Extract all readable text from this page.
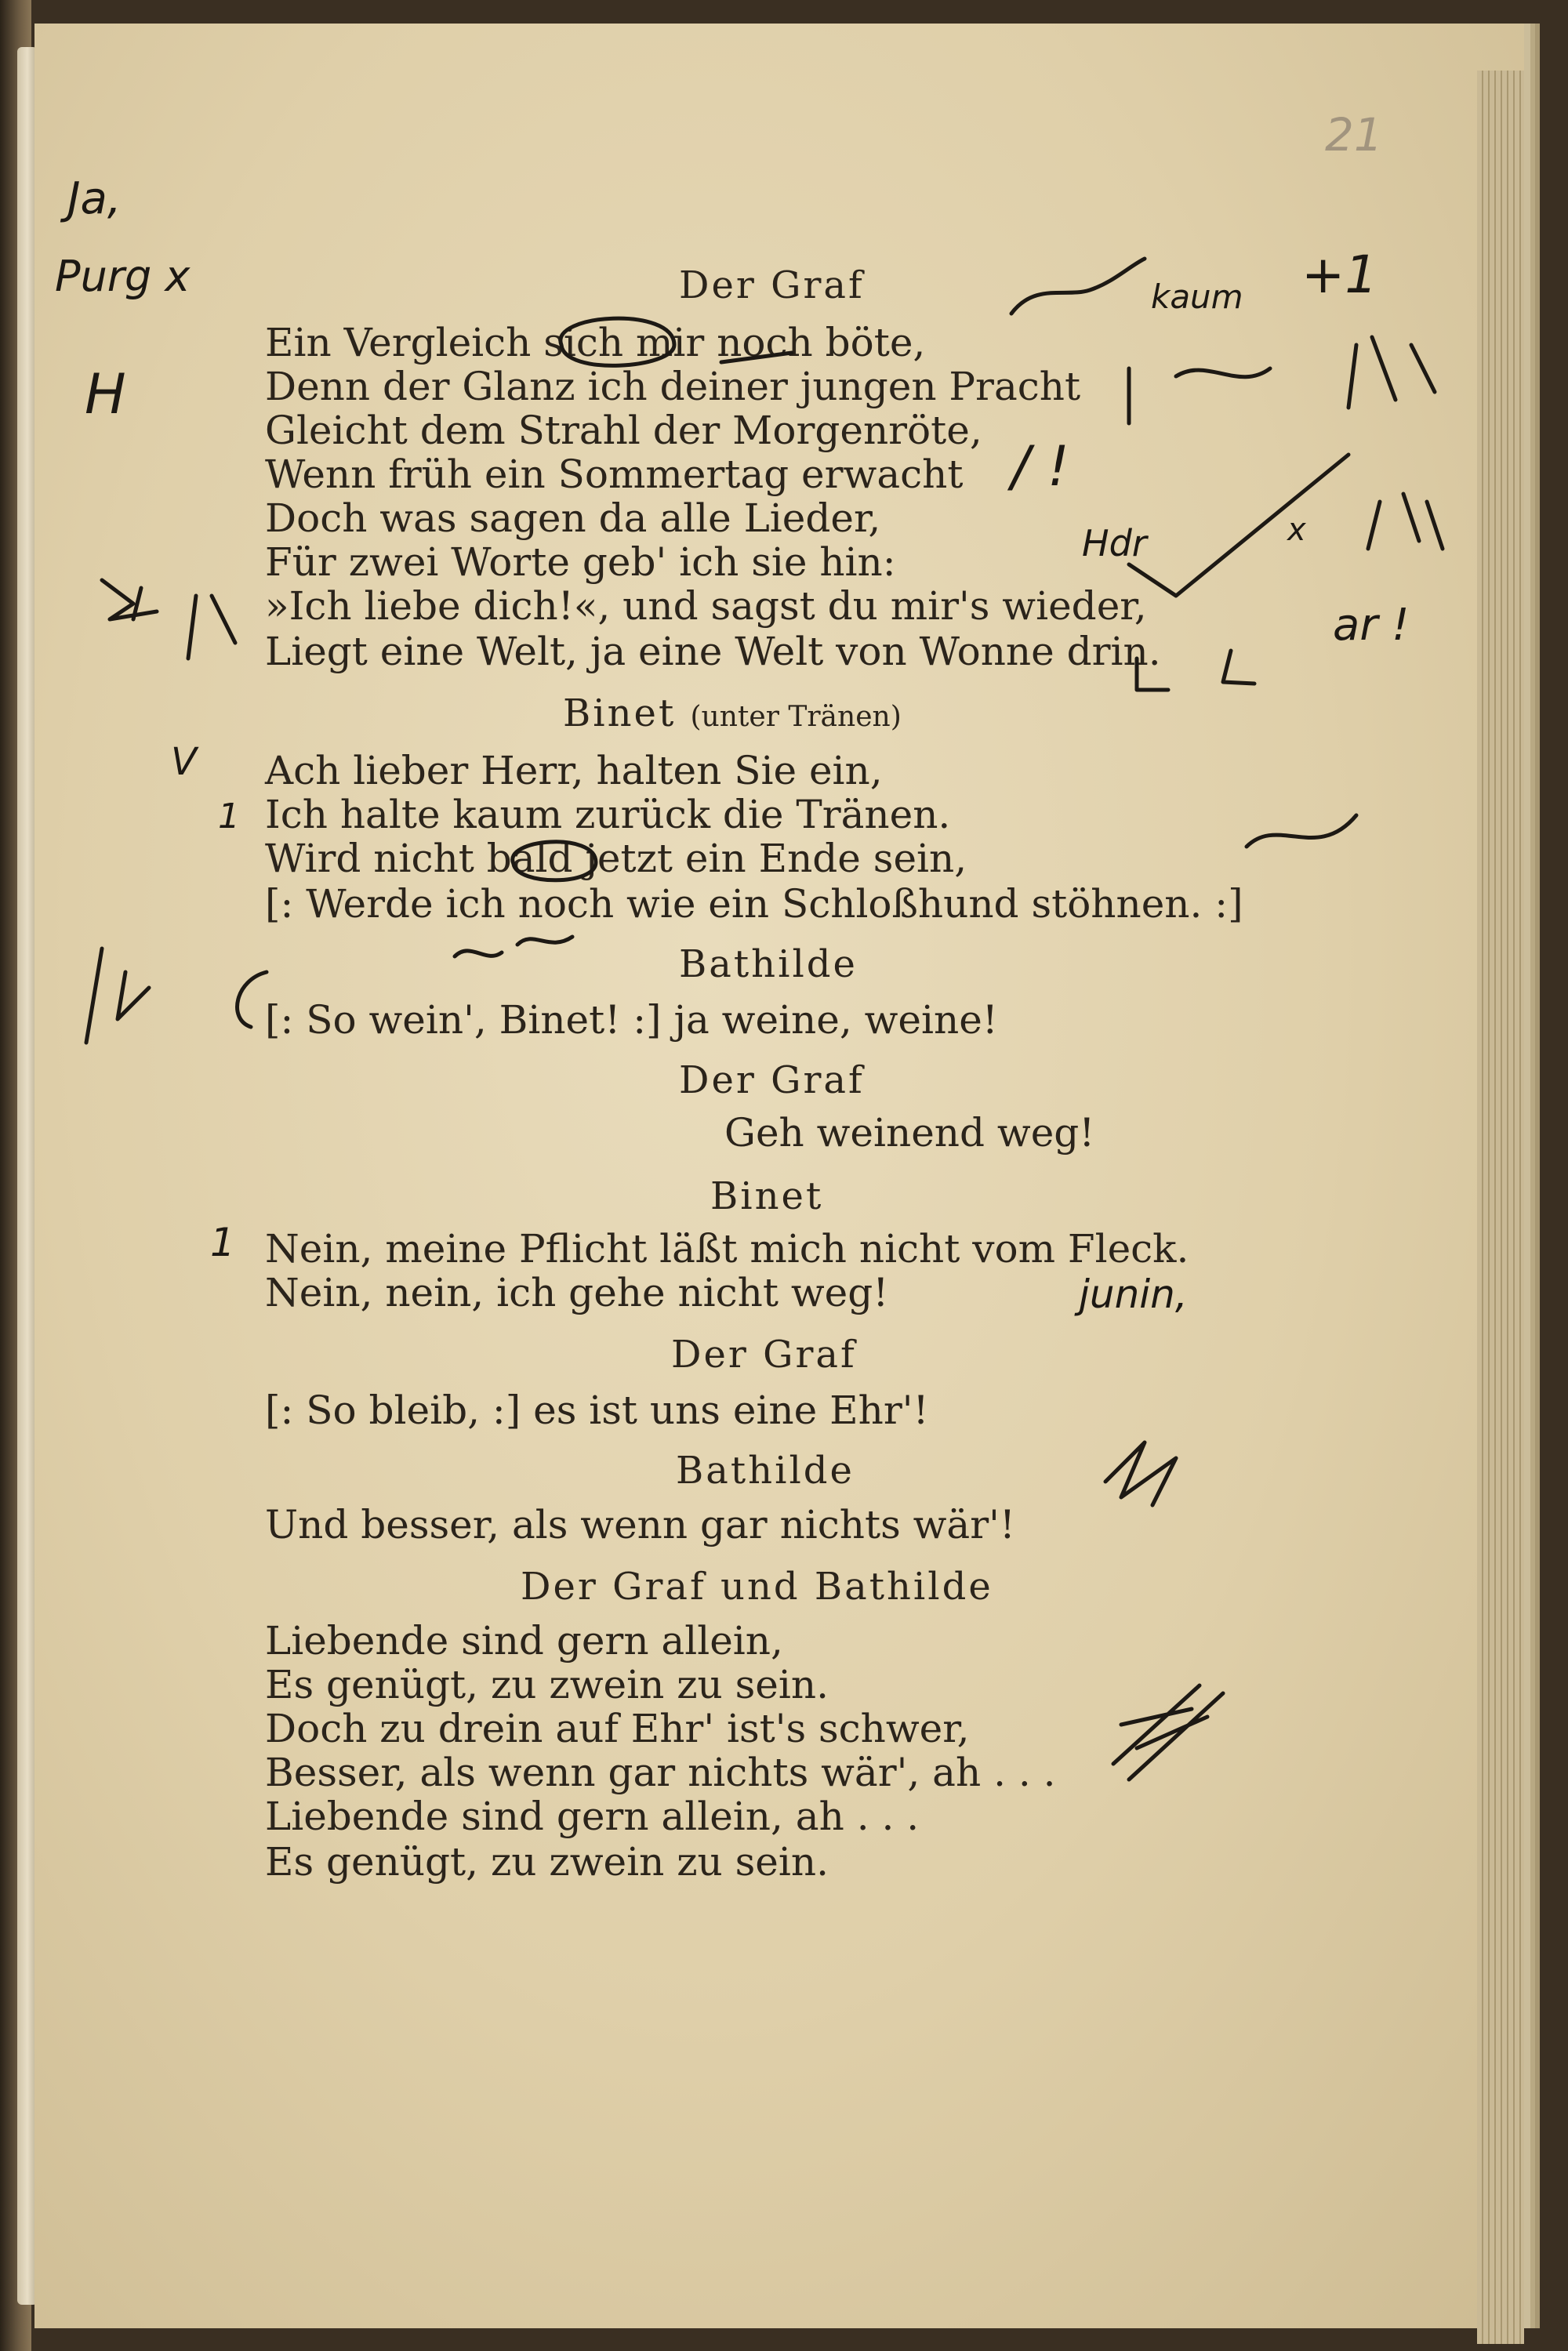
21
Der Graf
Ein Vergleich sich mir noch böte,
Denn der Glanz ich deiner jungen Pracht
Gleicht dem Strahl der Morgenröte,
Wenn früh ein Sommertag erwacht
Doch was sagen da alle Lieder,
Für zwei Worte geb' ich sie hin:
»Ich liebe dich!«, und sagst du mir's wieder,
Liegt eine Welt, ja eine Welt von Wonne drin.
Binet (unter Tränen)
Ach lieber Herr, halten Sie ein,
Ich halte kaum zurück die Tränen.
Wird nicht bald jetzt ein Ende sein,
[: Werde ich noch wie ein Schloßhund stöhnen. :]
Bathilde
[: So wein', Binet! :] ja weine, weine!
Der Graf
Geh weinend weg!
Binet
Nein, meine Pflicht läßt mich nicht vom Fleck.
Nein, nein, ich gehe nicht weg!
Der Graf
[: So bleib, :] es ist uns eine Ehr'!
Bathilde
Und besser, als wenn gar nichts wär'!
Der Graf und Bathilde
Liebende sind gern allein,
Es genügt, zu zwein zu sein.
Doch zu drein auf Ehr' ist's schwer,
Besser, als wenn gar nichts wär', ah . . .
Liebende sind gern allein, ah . . .
Es genügt, zu zwein zu sein.
Ja,
Purg x
H
kaum +1
/ !
ar !
Hdr	x
junin,
V
1
1
